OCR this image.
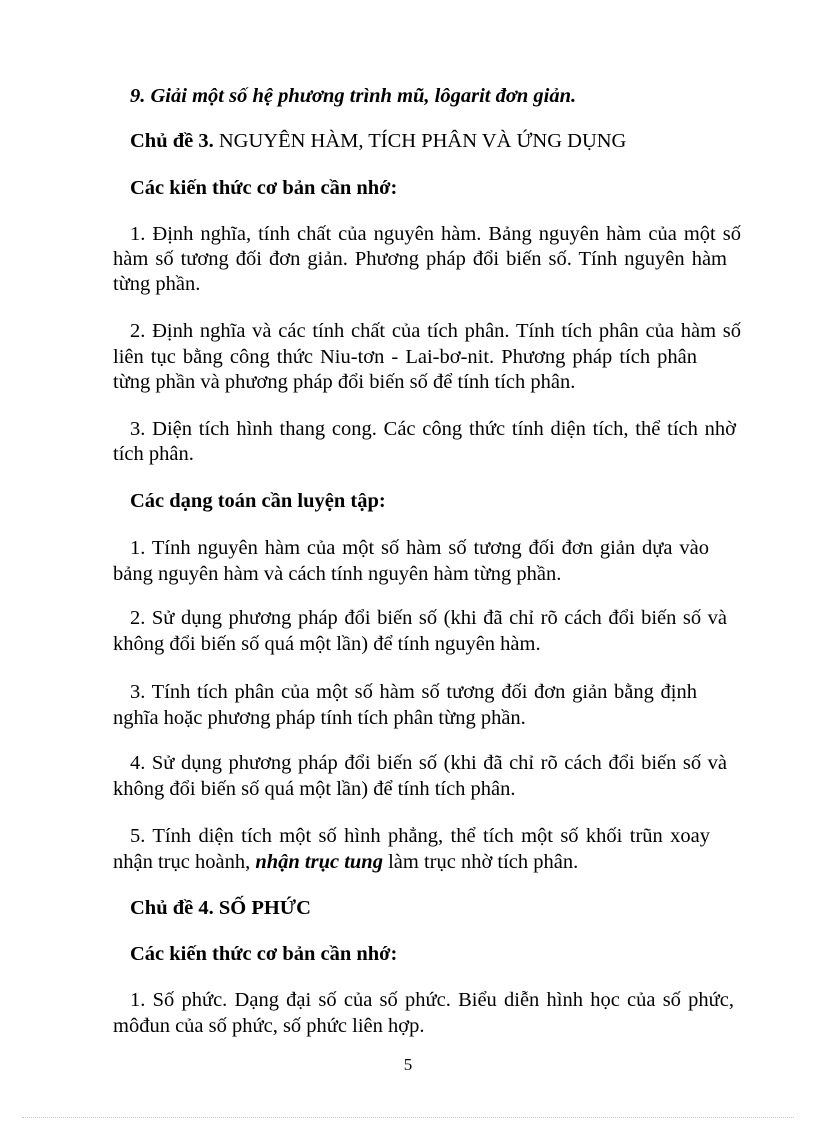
9. Giải một số hệ phương trình mũ, lôgarit đơn giản.
Chủ đề 3. NGUYÊN HÀM, TÍCH PHÂN VÀ ỨNG DỤNG
Các kiến thức cơ bản cần nhớ:
1. Định nghĩa, tính chất của nguyên hàm. Bảng nguyên hàm của một số
hàm số tương đối đơn giản. Phương pháp đổi biến số. Tính nguyên hàm
từng phần.
2. Định nghĩa và các tính chất của tích phân. Tính tích phân của hàm số
liên tục bằng công thức Niu-tơn - Lai-bơ-nit. Phương pháp tích phân
từng phần và phương pháp đổi biến số để tính tích phân.
3. Diện tích hình thang cong. Các công thức tính diện tích, thể tích nhờ
tích phân.
Các dạng toán cần luyện tập:
1. Tính nguyên hàm của một số hàm số tương đối đơn giản dựa vào
bảng nguyên hàm và cách tính nguyên hàm từng phần.
2. Sử dụng phương pháp đổi biến số (khi đã chỉ rõ cách đổi biến số và
không đổi biến số quá một lần) để tính nguyên hàm.
3. Tính tích phân của một số hàm số tương đối đơn giản bằng định
nghĩa hoặc phương pháp tính tích phân từng phần.
4. Sử dụng phương pháp đổi biến số (khi đã chỉ rõ cách đổi biến số và
không đổi biến số quá một lần) để tính tích phân.
5. Tính diện tích một số hình phẳng, thể tích một số khối trũn xoay
nhận trục hoành, nhận trục tung làm trục nhờ tích phân.
Chủ đề 4. SỐ PHỨC
Các kiến thức cơ bản cần nhớ:
1. Số phức. Dạng đại số của số phức. Biểu diễn hình học của số phức,
môđun của số phức, số phức liên hợp.
5
